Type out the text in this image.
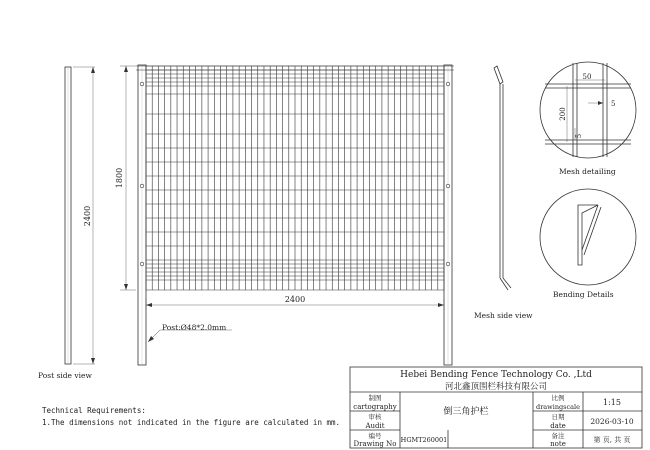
2400
Post side view
1800
2400
Post:Ø48*2.0mm
Mesh side view
50
200
5
5
Mesh detailing
Bending Details
Technical Requirements:
1.The dimensions not indicated in the figure are calculated in mm.
Hebei Bending Fence Technology Co. ,Ltd
河北鑫顶围栏科技有限公司
制图
cartography
审核
Audit
编号
Drawing No
倒三角护栏
HGMT260001
比例
drawingscale
日期
date
备注
note
1:15
2026-03-10
第 页, 共 页
